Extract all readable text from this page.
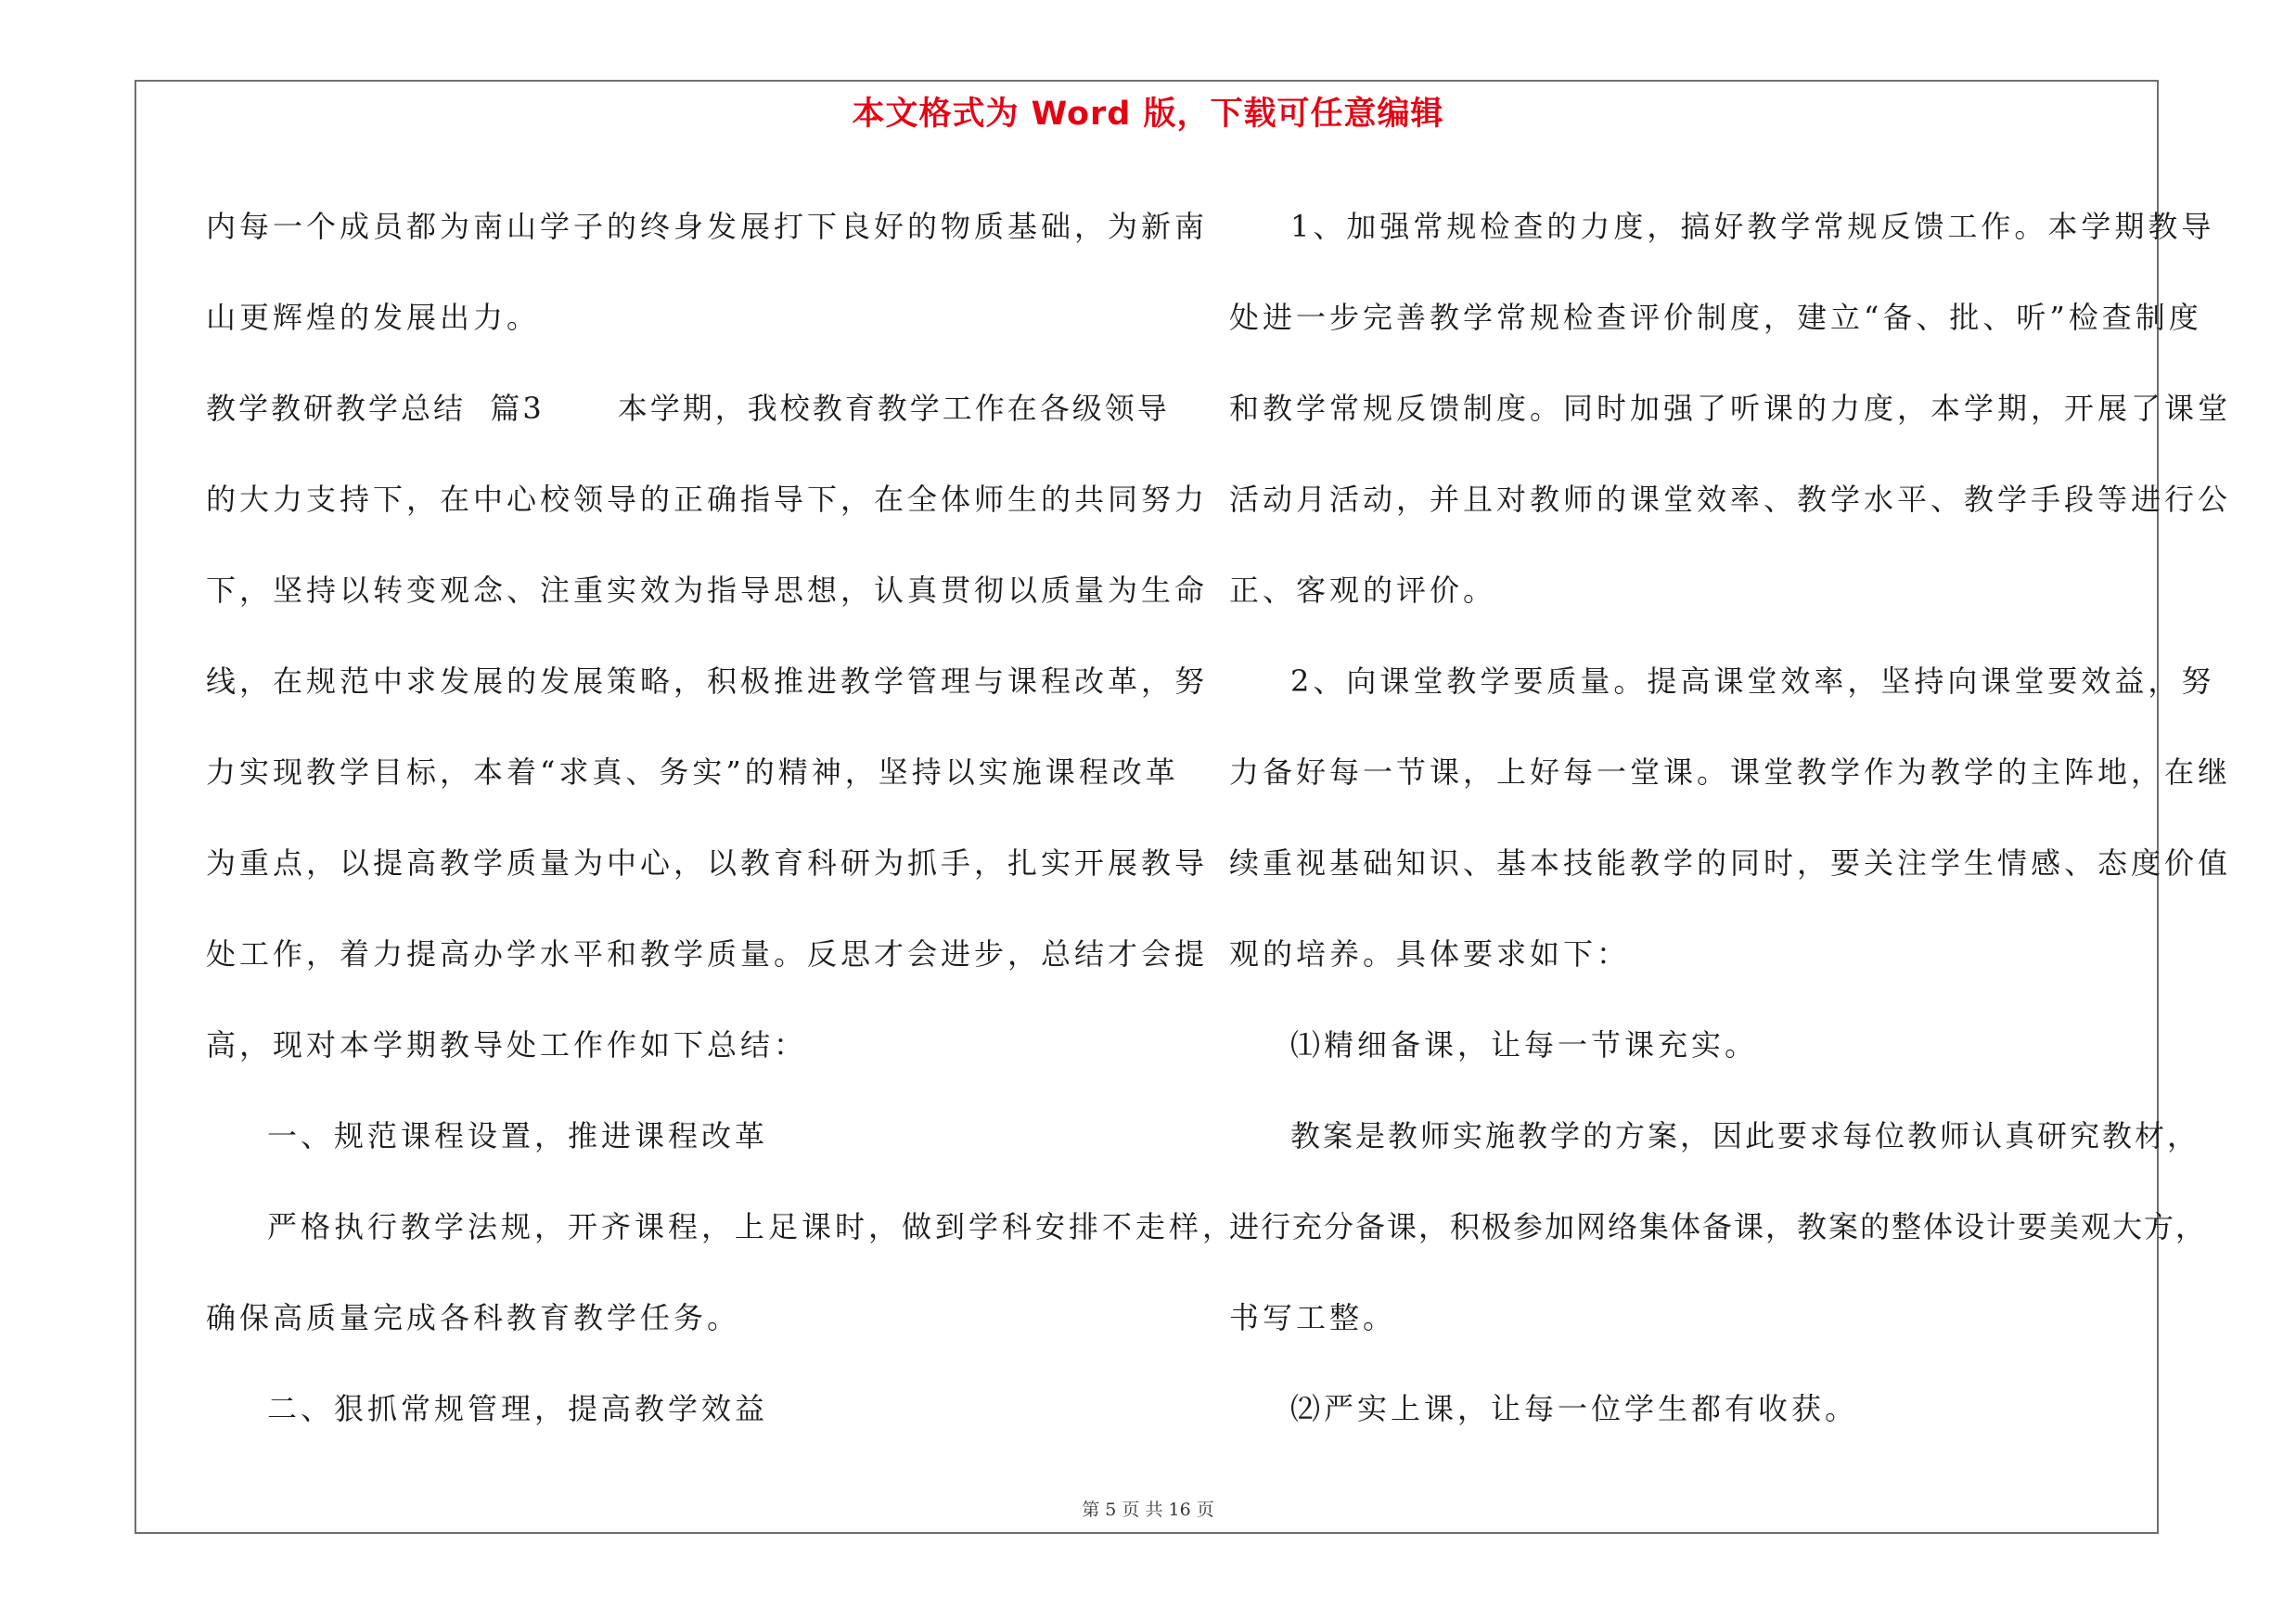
本文格式为 Word 版，下载可任意编辑
内每一个成员都为南山学子的终身发展打下良好的物质基础，为新南
山更辉煌的发展出力。
教学教研教学总结  篇3      本学期，我校教育教学工作在各级领导
的大力支持下，在中心校领导的正确指导下，在全体师生的共同努力
下，坚持以转变观念、注重实效为指导思想，认真贯彻以质量为生命
线，在规范中求发展的发展策略，积极推进教学管理与课程改革，努
力实现教学目标，本着“求真、务实”的精神，坚持以实施课程改革
为重点，以提高教学质量为中心，以教育科研为抓手，扎实开展教导
处工作，着力提高办学水平和教学质量。反思才会进步，总结才会提
高，现对本学期教导处工作作如下总结：
一、规范课程设置，推进课程改革
严格执行教学法规，开齐课程，上足课时，做到学科安排不走样，
确保高质量完成各科教育教学任务。
二、狠抓常规管理，提高教学效益
1、加强常规检查的力度，搞好教学常规反馈工作。本学期教导
处进一步完善教学常规检查评价制度，建立“备、批、听”检查制度
和教学常规反馈制度。同时加强了听课的力度，本学期，开展了课堂
活动月活动，并且对教师的课堂效率、教学水平、教学手段等进行公
正、客观的评价。
2、向课堂教学要质量。提高课堂效率，坚持向课堂要效益，努
力备好每一节课，上好每一堂课。课堂教学作为教学的主阵地，在继
续重视基础知识、基本技能教学的同时，要关注学生情感、态度价值
观的培养。具体要求如下：
⑴精细备课，让每一节课充实。
教案是教师实施教学的方案，因此要求每位教师认真研究教材，
进行充分备课，积极参加网络集体备课，教案的整体设计要美观大方，
书写工整。
⑵严实上课，让每一位学生都有收获。
第 5 页 共 16 页
